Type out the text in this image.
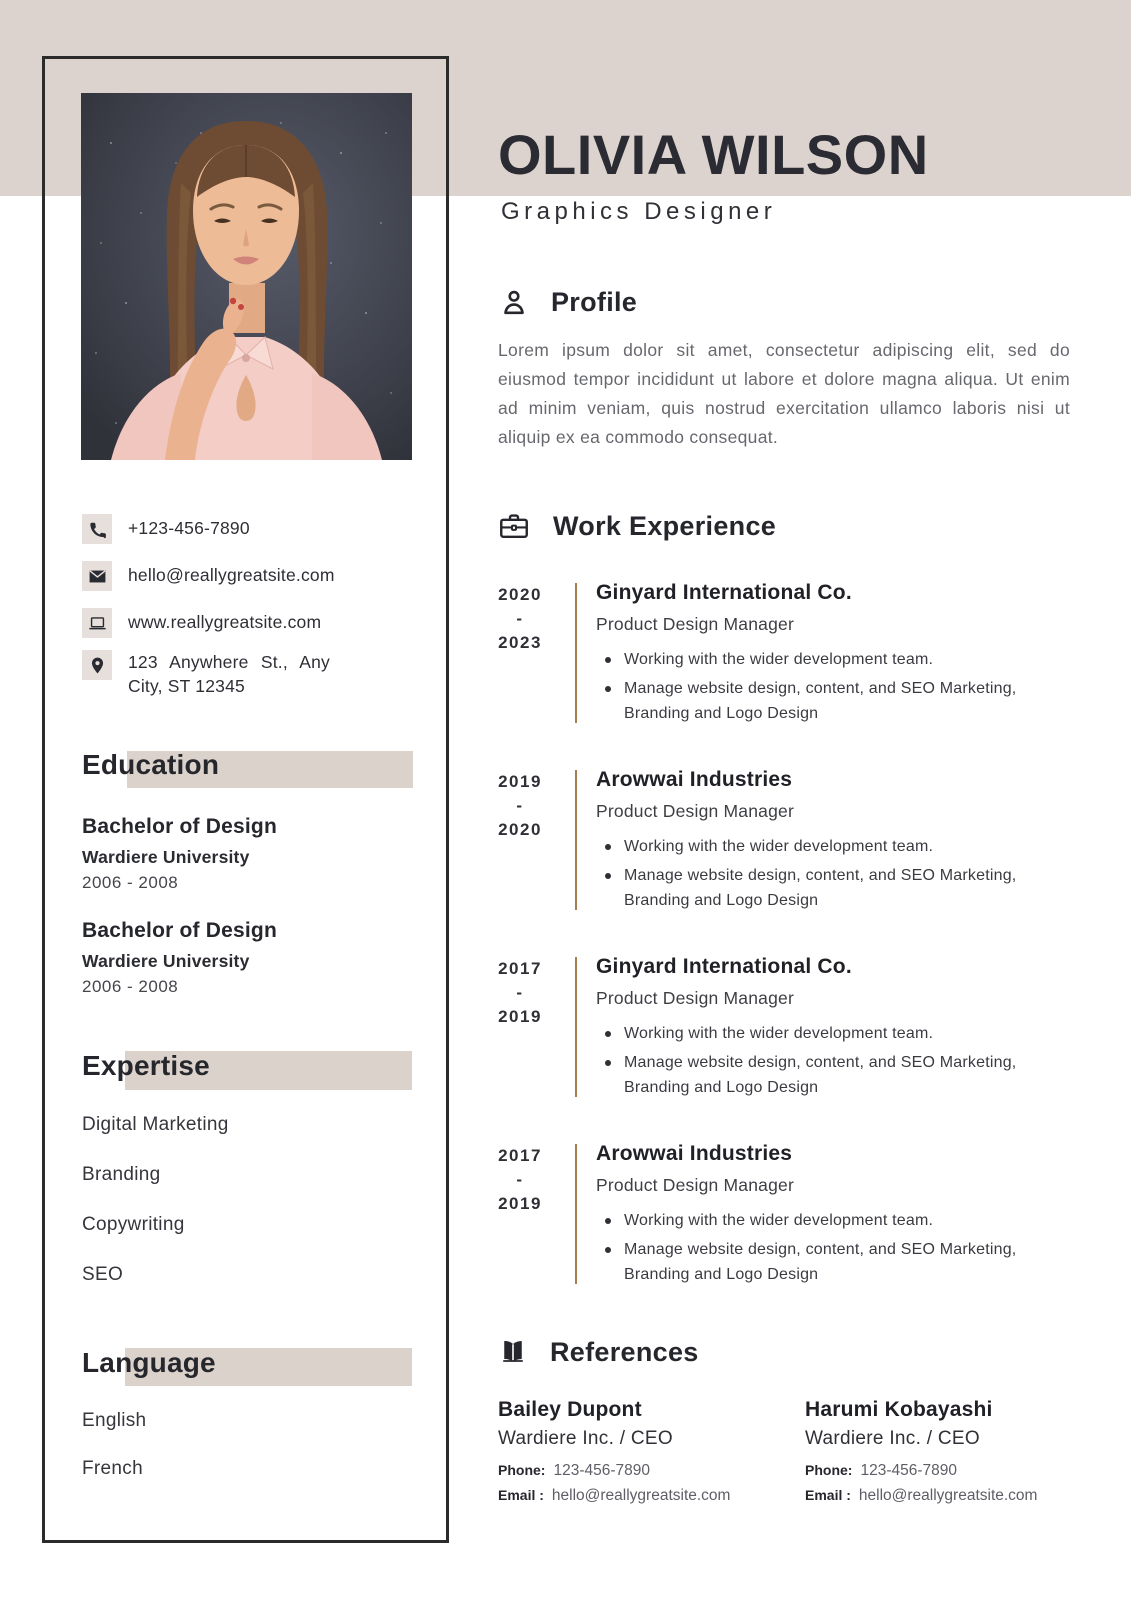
+123-456-7890
hello@reallygreatsite.com
www.reallygreatsite.com
123 Anywhere St., Any City, ST 12345
Education
Bachelor of Design
Wardiere University
2006 - 2008
Bachelor of Design
Wardiere University
2006 - 2008
Expertise
Digital Marketing
Branding
Copywriting
SEO
Language
English
French
OLIVIA WILSON
Graphics Designer
Profile
Lorem ipsum dolor sit amet, consectetur adipiscing elit, sed do eiusmod tempor incididunt ut labore et dolore magna aliqua. Ut enim ad minim veniam, quis nostrud exercitation ullamco laboris nisi ut aliquip ex ea commodo consequat.
Work Experience
2020
-
2023
Ginyard International Co.
Product Design Manager
Working with the wider development team.
Manage website design, content, and SEO Marketing, Branding and Logo Design
2019
-
2020
Arowwai Industries
Product Design Manager
Working with the wider development team.
Manage website design, content, and SEO Marketing, Branding and Logo Design
2017
-
2019
Ginyard International Co.
Product Design Manager
Working with the wider development team.
Manage website design, content, and SEO Marketing, Branding and Logo Design
2017
-
2019
Arowwai Industries
Product Design Manager
Working with the wider development team.
Manage website design, content, and SEO Marketing, Branding and Logo Design
References
Bailey Dupont
Wardiere Inc. / CEO
Phone: 123-456-7890
Email : hello@reallygreatsite.com
Harumi Kobayashi
Wardiere Inc. / CEO
Phone: 123-456-7890
Email : hello@reallygreatsite.com
